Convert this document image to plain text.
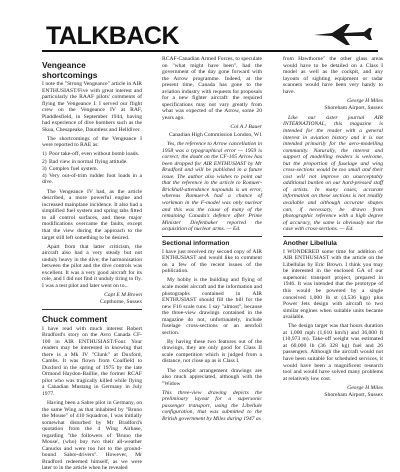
TALKBACK
Vengeance shortcomings

I note the "Strong Vengeance" article in AIR ENTHUSIAST/Five with great interest and particularly the RAAF pilots' comments of flying the Vengeance I. I served our flight crew on the Vengeance IV at RAF, Piaddlesfield, in September 1944, having had experience of dive bombers such as the Skua, Chesapeake, Dauntless and Helldiver.

The shortcomings of the Vengeance I were reported to RAE as:

1) Poor take-off, even without bomb loads.
2) Bad view in normal flying attitude.
3) Complex fuel system.
4) Very out-of-trim rudder foot loads in a dive.

The Vengeance IV had, as the article described, a more powerful engine and increased mainplane incidence. It also had a simplified fuel system and spring tabs fitted to all control surfaces, and these major modifications overcame the faults, except that the view during the approach to the target still left something to be desired.

Apart from that latter criticism, the aircraft also had a very steady but not unduly heavy in the dive; the harmonisation between the pilot and the dive controls was excellent. It was a very good aircraft for its role, and I did not find it unduly tiring to fly. I was a test pilot and later went on to...

Capt E M Brown

Copthorne, Sussex

Chuck comment

I have read with much interest Robert Bradford's story on the Avro Canada CF-100 in AIR ENTHUSIAST/Four. Your readers may be interested in knowing that there is a Mk IV "Clunk" at Duxford, Cambs. It was flown from Coalfield to Duxford in the spring of 1975 by the late Ormond Haydon-Baillie, the former RCAF pilot who was tragically killed while flying a Canadian Mustang in Germany in July 1977.

Having been a Sabre pilot in Germany, on the same Wing as that inhabited by "Bruno the Mouse" of 410 Squadron, I was initially somewhat disturbed by Mr Bradford's quotation from the 4 Wing Airbase, regarding "the followers of 'Bruno the Mouse', (who) buy two their all-weather Canucks and were too hot to the ground-bound Sabre-drivers". However, Mr Bradford redeemed himself, as we were later to in the article when he revealed

RCAF-Canadian Armed Forces, to speculate on "what might have been", had the government of the day gone forward with the Arrow programme. Indeed, at the present time, Canada has gone to the aviation industry with requests for proposals for a new fighter aircraft: the required specifications may not vary greatly from what was expected of the Arrow, some 20 years ago.

Col A J Bauer

Canadian High Commission London, W1

Yes, the reference to Arrow cancellation in 1958 was a typographical error — 1959 is correct; the doubt on the CF-105 Arrow has been dropped for AIR ENTHUSIAST by Mr Bradford and will be published in a future issue. The author also wishes to point out that the reference in the article to Romuer-Brickhall-attendance nopounds is an error, whereas Romuer-A had a chance of workman in the F-model was only nuclear and this was the cause of many of the remaining Canada's defence after Prime Minister Diefenbaker reported the acquisition of nuclear arms. — Ed.

Sectional information

I have just received my second copy of AIR ENTHUSIAST and would like to comment on a few of the recent issues of the publication.

My hobby is the building and flying of scale model aircraft and the information and photographs contained in AIR ENTHUSIAST should fill the bill for the new F16 scale runs. I say "almost", because the three-view drawings contained in the magazine do not, unfortunately, include fuselage cross-sections or an aerofoil section.

By having these two features out of the drawings, they are only good for Class II scale competition which is judged from a distance, not close up as is Class I.

The cockpit arrangement drawings are also much appreciated, although with the "Widow

This three-view drawing depicts the preliminary layout for a supersonic passenger transport, using the Libellule configuration, that was submitted to the British government by Miles during 1947 as

from Hawthorne" the other glass areas would have to be detailed on a Class I model as well as the cockpit, and any layouts of sighting equipment or radar scanners would have been very handy to have.

George H Miles

Shoreham Airport, Sussex

Like our sister journal AIR INTERNATIONAL, this magazine is intended for the reader with a general interest in aviation history and it is not intended primarily for the aero-modelling community. Naturally, the interest and support of modelling readers is welcome, but the proportion of fuselage and wing cross-sections would be too small and their cost will not improve an unacceptably additional burden on our hard-pressed staff of artists. In many cases, accurate information on these sections is not readily available and although accurate shapes can, if necessary, be drawn from photographic reference with a high degree of accuracy, the same is obviously not the case with cross-sections. — Ed.

Another Libellula

I WONDERED some time for addition of AIR ENTHUSIAST with the article on the Libellulas by Eric Brown. I think you may be interested in the enclosed GA of our supersonic transport project, prepared in 1946. It was intended that the prototype of this would be powered by a single conceived 1,000 lb st (4,536 kgp) plus Power Jets design with aircraft to two similar engines when suitable units became available.

The design target was that hours duration at 1,000 mph (1,610 km/h) and 36,000 ft (10,973 m). Take-off weight was estimated at 60,000 lb (36 328 kg) fuel and 26 passengers. Although the aircraft would not have been suitable for scheduled services, it would have been a magnificent research tool and would have solved many problems at relatively low cost.

George H Miles

Shoreham Airport, Sussex
